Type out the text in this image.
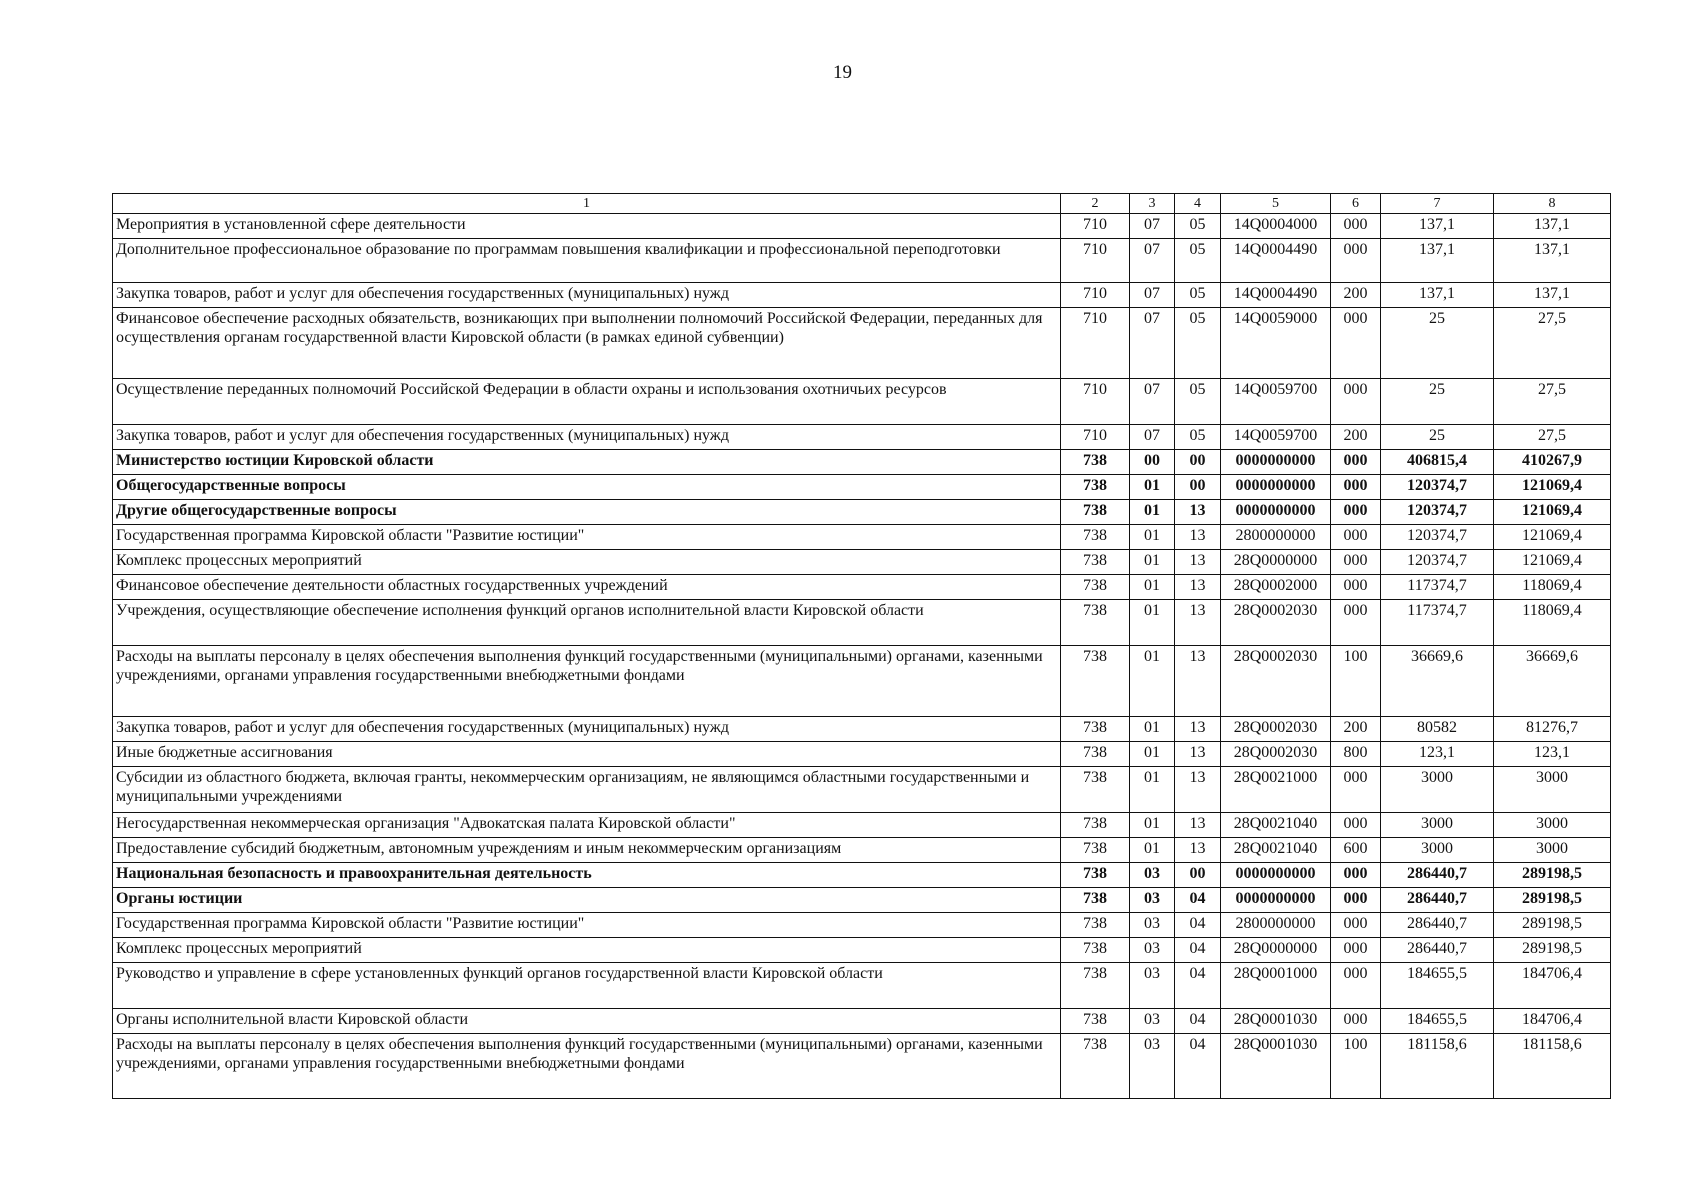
19
1	2	3	4	5	6	7	8
Мероприятия в установленной сфере деятельности	710	07	05	14Q0004000	000	137,1	137,1
Дополнительное профессиональное образование по программам повышения квалификации и профессиональной переподготовки	710	07	05	14Q0004490	000	137,1	137,1
Закупка товаров, работ и услуг для обеспечения государственных (муниципальных) нужд	710	07	05	14Q0004490	200	137,1	137,1
Финансовое обеспечение расходных обязательств, возникающих при выполнении полномочий Российской Федерации, переданных для осуществления органам государственной власти Кировской области (в рамках единой субвенции)	710	07	05	14Q0059000	000	25	27,5
Осуществление переданных полномочий Российской Федерации в области охраны и использования охотничьих ресурсов	710	07	05	14Q0059700	000	25	27,5
Закупка товаров, работ и услуг для обеспечения государственных (муниципальных) нужд	710	07	05	14Q0059700	200	25	27,5
Министерство юстиции Кировской области	738	00	00	0000000000	000	406815,4	410267,9
Общегосударственные вопросы	738	01	00	0000000000	000	120374,7	121069,4
Другие общегосударственные вопросы	738	01	13	0000000000	000	120374,7	121069,4
Государственная программа Кировской области "Развитие юстиции"	738	01	13	2800000000	000	120374,7	121069,4
Комплекс процессных мероприятий	738	01	13	28Q0000000	000	120374,7	121069,4
Финансовое обеспечение деятельности областных государственных учреждений	738	01	13	28Q0002000	000	117374,7	118069,4
Учреждения, осуществляющие обеспечение исполнения функций органов исполнительной власти Кировской области	738	01	13	28Q0002030	000	117374,7	118069,4
Расходы на выплаты персоналу в целях обеспечения выполнения функций государственными (муниципальными) органами, казенными учреждениями, органами управления государственными внебюджетными фондами	738	01	13	28Q0002030	100	36669,6	36669,6
Закупка товаров, работ и услуг для обеспечения государственных (муниципальных) нужд	738	01	13	28Q0002030	200	80582	81276,7
Иные бюджетные ассигнования	738	01	13	28Q0002030	800	123,1	123,1
Субсидии из областного бюджета, включая гранты, некоммерческим организациям, не являющимся областными государственными и муниципальными учреждениями	738	01	13	28Q0021000	000	3000	3000
Негосударственная некоммерческая организация "Адвокатская палата Кировской области"	738	01	13	28Q0021040	000	3000	3000
Предоставление субсидий бюджетным, автономным учреждениям и иным некоммерческим организациям	738	01	13	28Q0021040	600	3000	3000
Национальная безопасность и правоохранительная деятельность	738	03	00	0000000000	000	286440,7	289198,5
Органы юстиции	738	03	04	0000000000	000	286440,7	289198,5
Государственная программа Кировской области "Развитие юстиции"	738	03	04	2800000000	000	286440,7	289198,5
Комплекс процессных мероприятий	738	03	04	28Q0000000	000	286440,7	289198,5
Руководство и управление в сфере установленных функций органов государственной власти Кировской области	738	03	04	28Q0001000	000	184655,5	184706,4
Органы исполнительной власти Кировской области	738	03	04	28Q0001030	000	184655,5	184706,4
Расходы на выплаты персоналу в целях обеспечения выполнения функций государственными (муниципальными) органами, казенными учреждениями, органами управления государственными внебюджетными фондами	738	03	04	28Q0001030	100	181158,6	181158,6
